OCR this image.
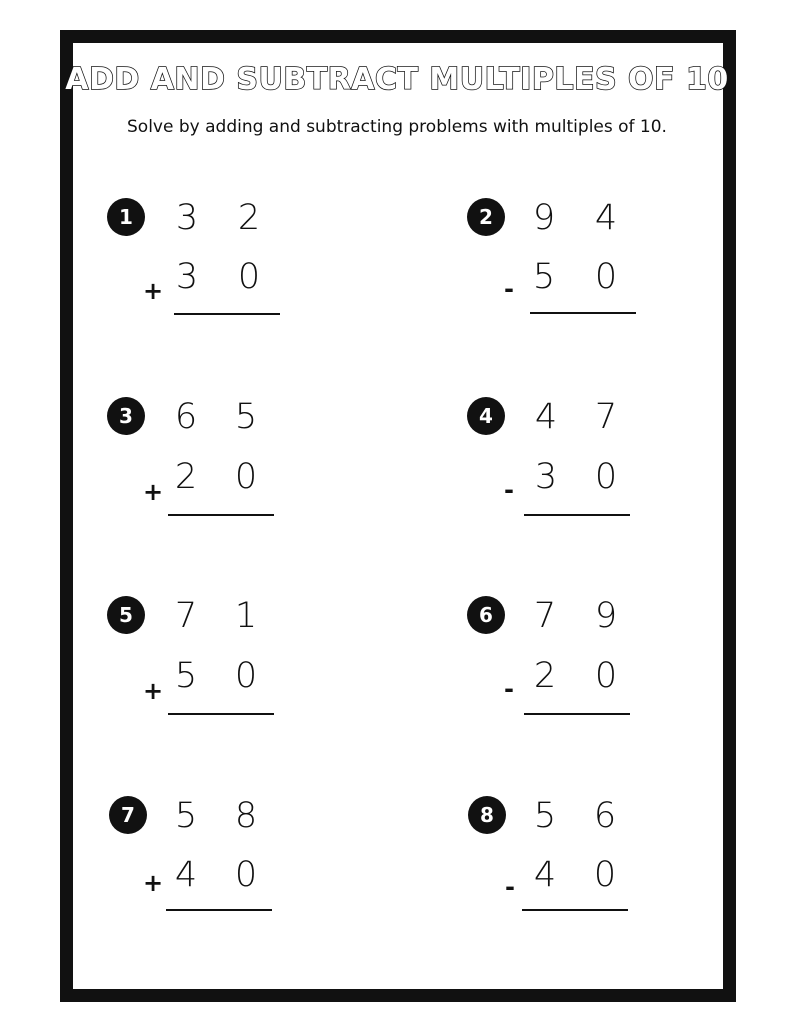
ADD AND SUBTRACT MULTIPLES OF 10
Solve by adding and subtracting problems with multiples of 10.
1	3 2
+ 3 0
2	9 4
- 5 0
3	6 5
+ 2 0
4	4 7
- 3 0
5	7 1
+ 5 0
6	7 9
- 2 0
7	5 8
+ 4 0
8	5 6
- 4 0
